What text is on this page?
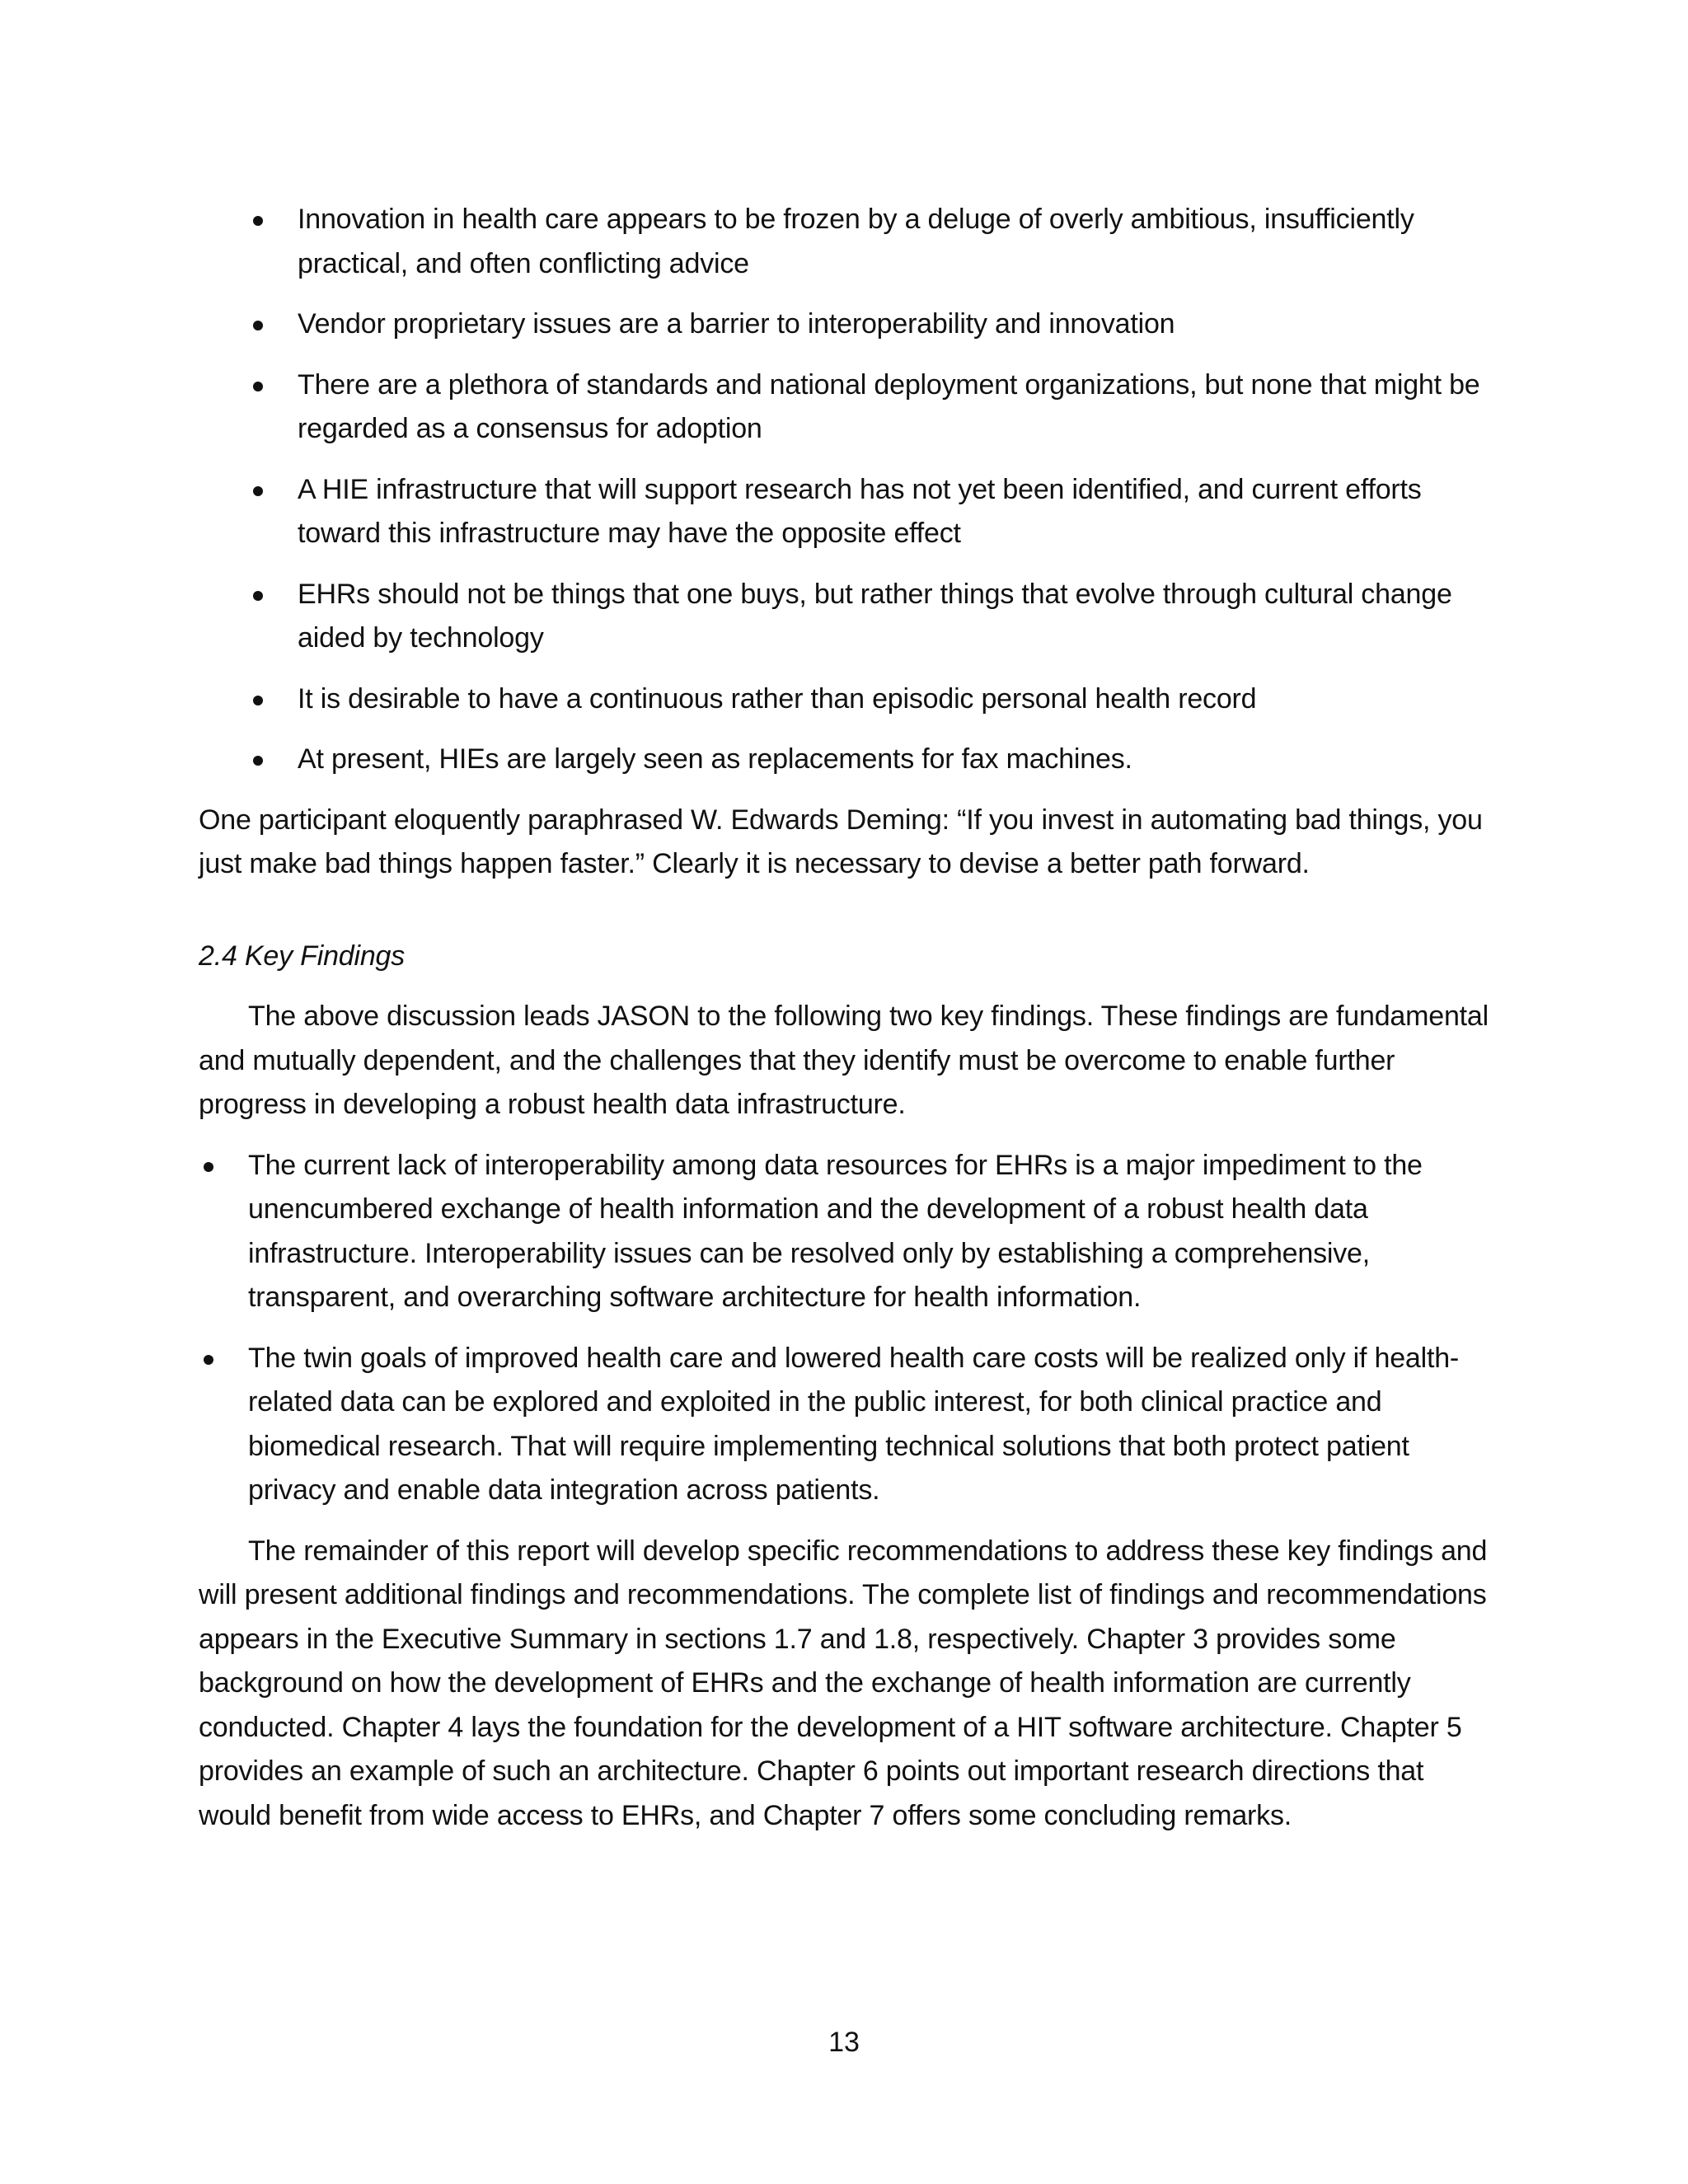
Innovation in health care appears to be frozen by a deluge of overly ambitious, insufficiently practical, and often conflicting advice
Vendor proprietary issues are a barrier to interoperability and innovation
There are a plethora of standards and national deployment organizations, but none that might be regarded as a consensus for adoption
A HIE infrastructure that will support research has not yet been identified, and current efforts toward this infrastructure may have the opposite effect
EHRs should not be things that one buys, but rather things that evolve through cultural change aided by technology
It is desirable to have a continuous rather than episodic personal health record
At present, HIEs are largely seen as replacements for fax machines.

One participant eloquently paraphrased W. Edwards Deming: “If you invest in automating bad things, you just make bad things happen faster.” Clearly it is necessary to devise a better path forward.

2.4 Key Findings

The above discussion leads JASON to the following two key findings. These findings are fundamental and mutually dependent, and the challenges that they identify must be overcome to enable further progress in developing a robust health data infrastructure.

The current lack of interoperability among data resources for EHRs is a major impediment to the unencumbered exchange of health information and the development of a robust health data infrastructure. Interoperability issues can be resolved only by establishing a comprehensive, transparent, and overarching software architecture for health information.
The twin goals of improved health care and lowered health care costs will be realized only if health-related data can be explored and exploited in the public interest, for both clinical practice and biomedical research. That will require implementing technical solutions that both protect patient privacy and enable data integration across patients.

The remainder of this report will develop specific recommendations to address these key findings and will present additional findings and recommendations. The complete list of findings and recommendations appears in the Executive Summary in sections 1.7 and 1.8, respectively. Chapter 3 provides some background on how the development of EHRs and the exchange of health information are currently conducted. Chapter 4 lays the foundation for the development of a HIT software architecture. Chapter 5 provides an example of such an architecture. Chapter 6 points out important research directions that would benefit from wide access to EHRs, and Chapter 7 offers some concluding remarks.

13
